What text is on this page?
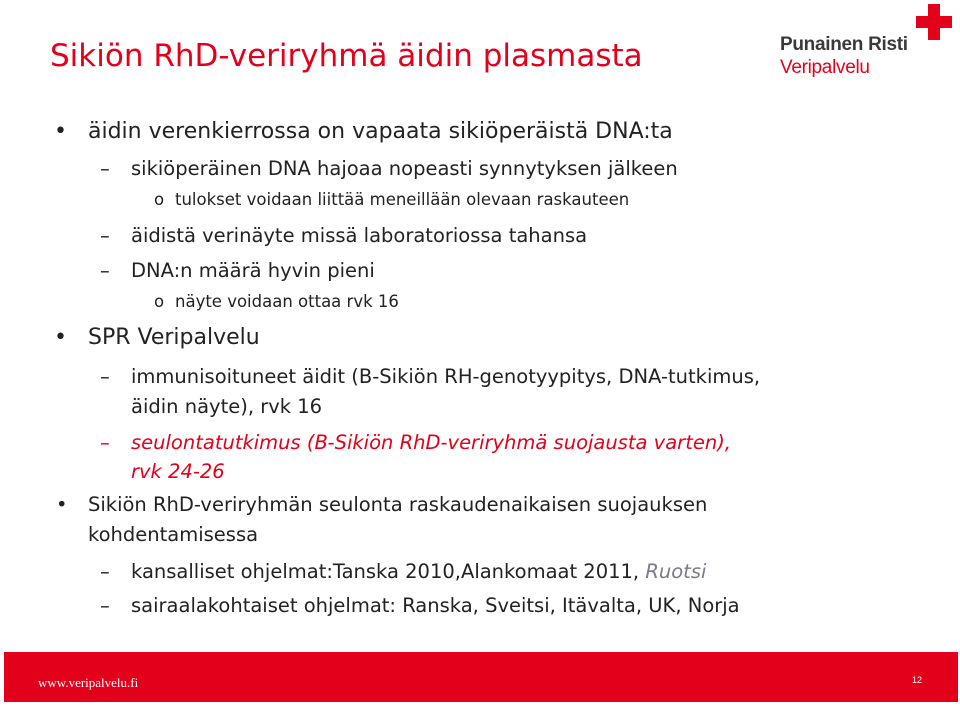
Sikiön RhD-veriryhmä äidin plasmasta	Punainen Risti
Veripalvelu
• äidin verenkierrossa on vapaata sikiöperäistä DNA:ta
– sikiöperäinen DNA hajoaa nopeasti synnytyksen jälkeen
o tulokset voidaan liittää meneillään olevaan raskauteen
– äidistä verinäyte missä laboratoriossa tahansa
– DNA:n määrä hyvin pieni
o näyte voidaan ottaa rvk 16
• SPR Veripalvelu
– immunisoituneet äidit (B-Sikiön RH-genotyypitys, DNA-tutkimus,
äidin näyte), rvk 16
– seulontatutkimus (B-Sikiön RhD-veriryhmä suojausta varten),
rvk 24-26
• Sikiön RhD-veriryhmän seulonta raskaudenaikaisen suojauksen
kohdentamisessa
– kansalliset ohjelmat:Tanska 2010,Alankomaat 2011, Ruotsi
– sairaalakohtaiset ohjelmat: Ranska, Sveitsi, Itävalta, UK, Norja
www.veripalvelu.fi	12
